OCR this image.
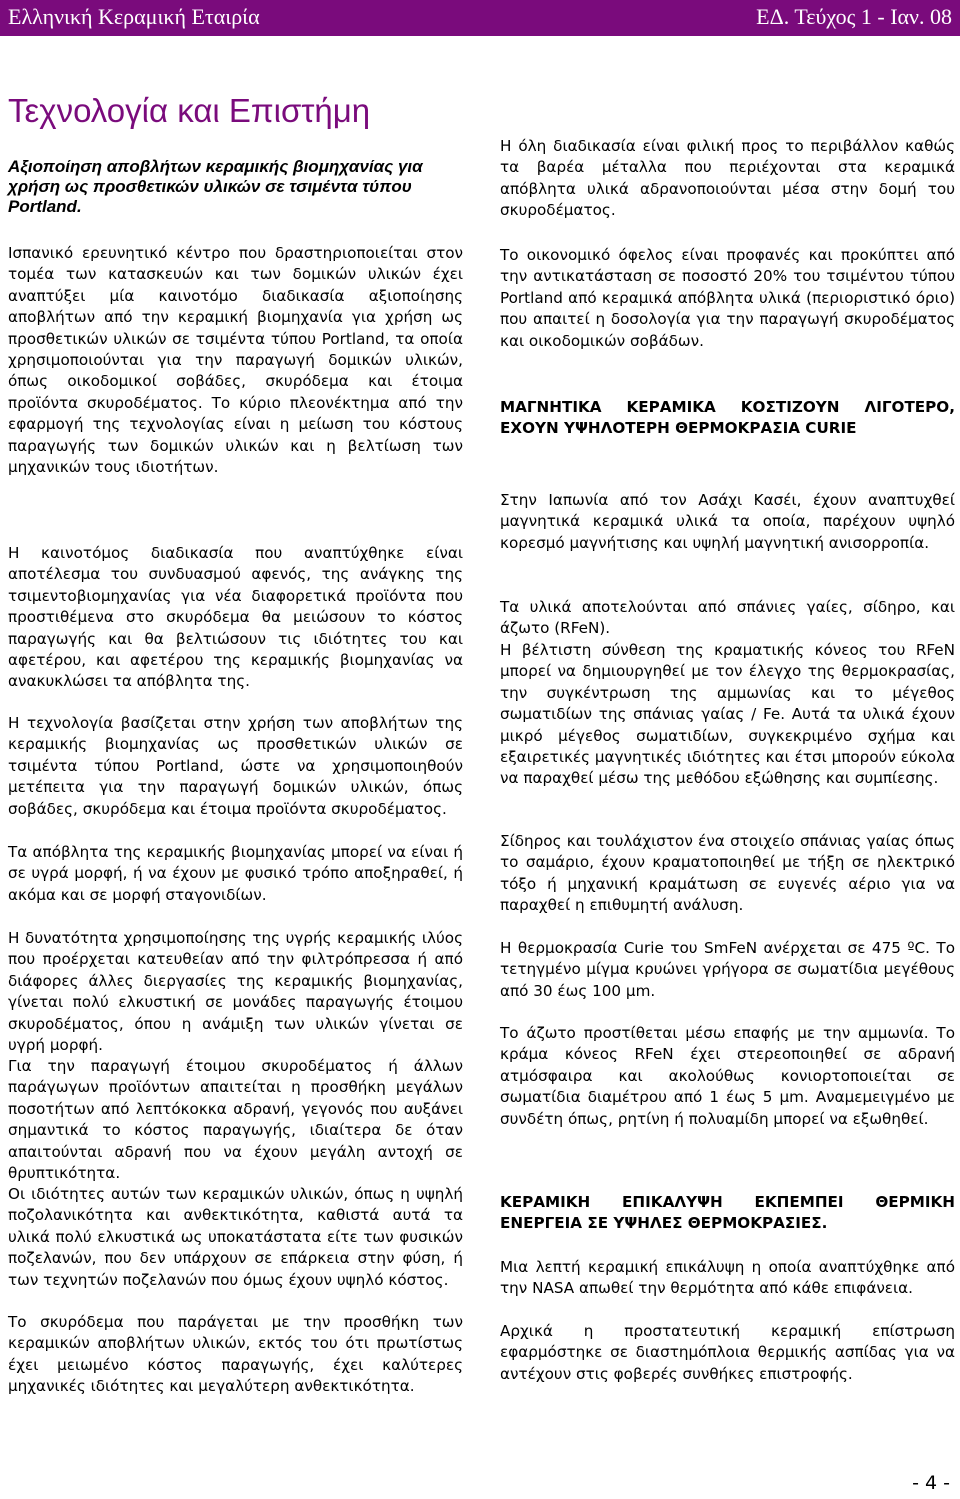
Ελληνική Κεραμική Εταιρία	ΕΔ. Τεύχος 1 - Ιαν. 08
Τεχνολογία και Επιστήμη

Αξιοποίηση αποβλήτων κεραμικής βιομηχανίας για χρήση ως προσθετικών υλικών σε τσιμέντα τύπου Portland.

Ισπανικό ερευνητικό κέντρο που δραστηριοποιείται στον τομέα των κατασκευών και των δομικών υλικών έχει αναπτύξει μία καινοτόμο διαδικασία αξιοποίησης αποβλήτων από την κεραμική βιομηχανία για χρήση ως προσθετικών υλικών σε τσιμέντα τύπου Portland, τα οποία χρησιμοποιούνται για την παραγωγή δομικών υλικών, όπως οικοδομικοί σοβάδες, σκυρόδεμα και έτοιμα προϊόντα σκυροδέματος. Το κύριο πλεονέκτημα από την εφαρμογή της τεχνολογίας είναι η μείωση του κόστους παραγωγής των δομικών υλικών και η βελτίωση των μηχανικών τους ιδιοτήτων.

Η καινοτόμος διαδικασία που αναπτύχθηκε είναι αποτέλεσμα του συνδυασμού αφενός, της ανάγκης της τσιμεντοβιομηχανίας για νέα διαφορετικά προϊόντα που προστιθέμενα στο σκυρόδεμα θα μειώσουν το κόστος παραγωγής και θα βελτιώσουν τις ιδιότητες του και αφετέρου, και αφετέρου της κεραμικής βιομηχανίας να ανακυκλώσει τα απόβλητα της.

Η τεχνολογία βασίζεται στην χρήση των αποβλήτων της κεραμικής βιομηχανίας ως προσθετικών υλικών σε τσιμέντα τύπου Portland, ώστε να χρησιμοποιηθούν μετέπειτα για την παραγωγή δομικών υλικών, όπως σοβάδες, σκυρόδεμα και έτοιμα προϊόντα σκυροδέματος.

Τα απόβλητα της κεραμικής βιομηχανίας μπορεί να είναι ή σε υγρά μορφή, ή να έχουν με φυσικό τρόπο αποξηραθεί, ή ακόμα και σε μορφή σταγονιδίων.

Η δυνατότητα χρησιμοποίησης της υγρής κεραμικής ιλύος που προέρχεται κατευθείαν από την φιλτρόπρεσσα ή από διάφορες άλλες διεργασίες της κεραμικής βιομηχανίας, γίνεται πολύ ελκυστική σε μονάδες παραγωγής έτοιμου σκυροδέματος, όπου η ανάμιξη των υλικών γίνεται σε υγρή μορφή.

Για την παραγωγή έτοιμου σκυροδέματος ή άλλων παράγωγων προϊόντων απαιτείται η προσθήκη μεγάλων ποσοτήτων από λεπτόκοκκα αδρανή, γεγονός που αυξάνει σημαντικά το κόστος παραγωγής, ιδιαίτερα δε όταν απαιτούνται αδρανή που να έχουν μεγάλη αντοχή σε θρυπτικότητα.

Οι ιδιότητες αυτών των κεραμικών υλικών, όπως η υψηλή ποζολανικότητα και ανθεκτικότητα, καθιστά αυτά τα υλικά πολύ ελκυστικά ως υποκατάστατα είτε των φυσικών ποζελανών, που δεν υπάρχουν σε επάρκεια στην φύση, ή των τεχνητών ποζελανών που όμως έχουν υψηλό κόστος.

Το σκυρόδεμα που παράγεται με την προσθήκη των κεραμικών αποβλήτων υλικών, εκτός του ότι πρωτίστως έχει μειωμένο κόστος παραγωγής, έχει καλύτερες μηχανικές ιδιότητες και μεγαλύτερη ανθεκτικότητα.

Η όλη διαδικασία είναι φιλική προς το περιβάλλον καθώς τα βαρέα μέταλλα που περιέχονται στα κεραμικά απόβλητα υλικά αδρανοποιούνται μέσα στην δομή του σκυροδέματος.

Το οικονομικό όφελος είναι προφανές και προκύπτει από την αντικατάσταση σε ποσοστό 20% του τσιμέντου τύπου Portland από κεραμικά απόβλητα υλικά (περιοριστικό όριο) που απαιτεί η δοσολογία για την παραγωγή σκυροδέματος και οικοδομικών σοβάδων.

ΜΑΓΝΗΤΙΚΑ ΚΕΡΑΜΙΚΑ ΚΟΣΤΙΖΟΥΝ ΛΙΓΟΤΕΡΟ, ΕΧΟΥΝ ΥΨΗΛΟΤΕΡΗ ΘΕΡΜΟΚΡΑΣΙΑ CURIE

Στην Ιαπωνία από τον Ασάχι Κασέι, έχουν αναπτυχθεί μαγνητικά κεραμικά υλικά τα οποία, παρέχουν υψηλό κορεσμό μαγνήτισης και υψηλή μαγνητική ανισορροπία.

Τα υλικά αποτελούνται από σπάνιες γαίες, σίδηρο, και άζωτο (RFeN).

Η βέλτιστη σύνθεση της κραματικής κόνεος του RFeN μπορεί να δημιουργηθεί με τον έλεγχο της θερμοκρασίας, την συγκέντρωση της αμμωνίας και το μέγεθος σωματιδίων της σπάνιας γαίας / Fe. Αυτά τα υλικά έχουν μικρό μέγεθος σωματιδίων, συγκεκριμένο σχήμα και εξαιρετικές μαγνητικές ιδιότητες και έτσι μπορούν εύκολα να παραχθεί μέσω της μεθόδου εξώθησης και συμπίεσης.

Σίδηρος και τουλάχιστον ένα στοιχείο σπάνιας γαίας όπως το σαμάριο, έχουν κραματοποιηθεί με τήξη σε ηλεκτρικό τόξο ή μηχανική κραμάτωση σε ευγενές αέριο για να παραχθεί η επιθυμητή ανάλυση.

Η θερμοκρασία Curie του SmFeN ανέρχεται σε 475 ºC. Το τετηγμένο μίγμα κρυώνει γρήγορα σε σωματίδια μεγέθους από 30 έως 100 μm.

Το άζωτο προστίθεται μέσω επαφής με την αμμωνία. Το κράμα κόνεος RFeN έχει στερεοποιηθεί σε αδρανή ατμόσφαιρα και ακολούθως κονιορτοποιείται σε σωματίδια διαμέτρου από 1 έως 5 μm. Αναμεμειγμένο με συνδέτη όπως, ρητίνη ή πολυαμίδη μπορεί να εξωθηθεί.

ΚΕΡΑΜΙΚΗ ΕΠΙΚΑΛΥΨΗ ΕΚΠΕΜΠΕΙ ΘΕΡΜΙΚΗ ΕΝΕΡΓΕΙΑ ΣΕ ΥΨΗΛΕΣ ΘΕΡΜΟΚΡΑΣΙΕΣ.

Μια λεπτή κεραμική επικάλυψη η οποία αναπτύχθηκε από την NASA απωθεί την θερμότητα από κάθε επιφάνεια.

Αρχικά η προστατευτική κεραμική επίστρωση εφαρμόστηκε σε διαστημόπλοια θερμικής ασπίδας για να αντέχουν στις φοβερές συνθήκες επιστροφής.

- 4 -
